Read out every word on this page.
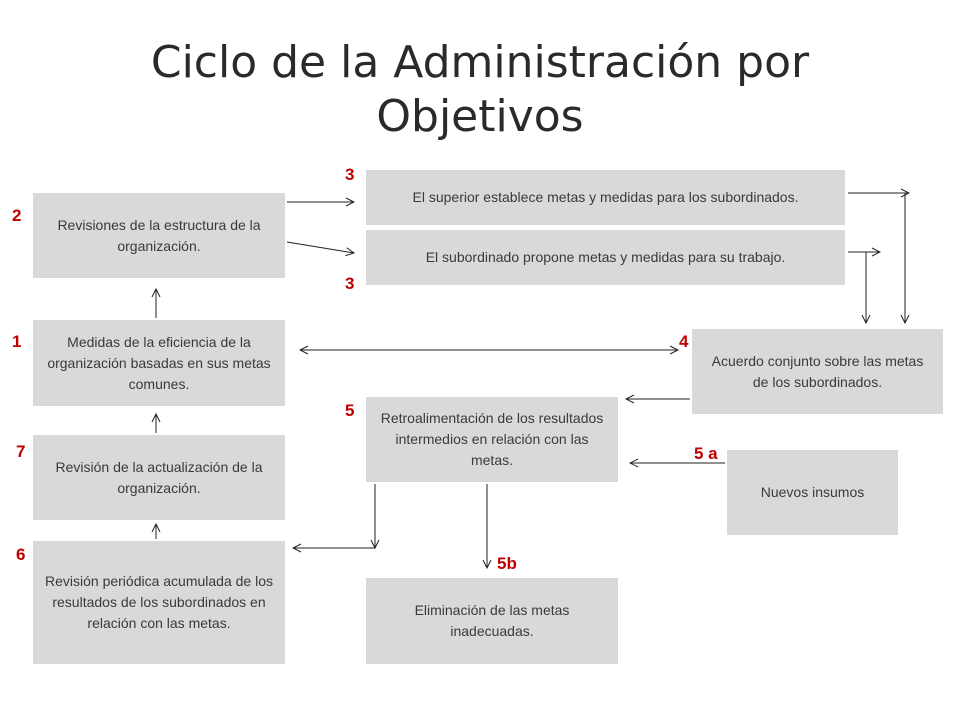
Ciclo de la Administración por Objetivos
Revisiones de la estructura de la organización.
El superior establece metas y medidas para los subordinados.
El subordinado propone metas y medidas para su trabajo.
Medidas de la eficiencia de la organización basadas en sus metas comunes.
Acuerdo conjunto sobre las metas de los subordinados.
Retroalimentación de los resultados intermedios en relación con las metas.
Revisión de la actualización de la organización.	Nuevos insumos
Revisión periódica acumulada de los resultados de los subordinados en relación con las metas.
Eliminación de las metas inadecuadas.
2
3
3
1	4
5
7	5 a
6	5b
